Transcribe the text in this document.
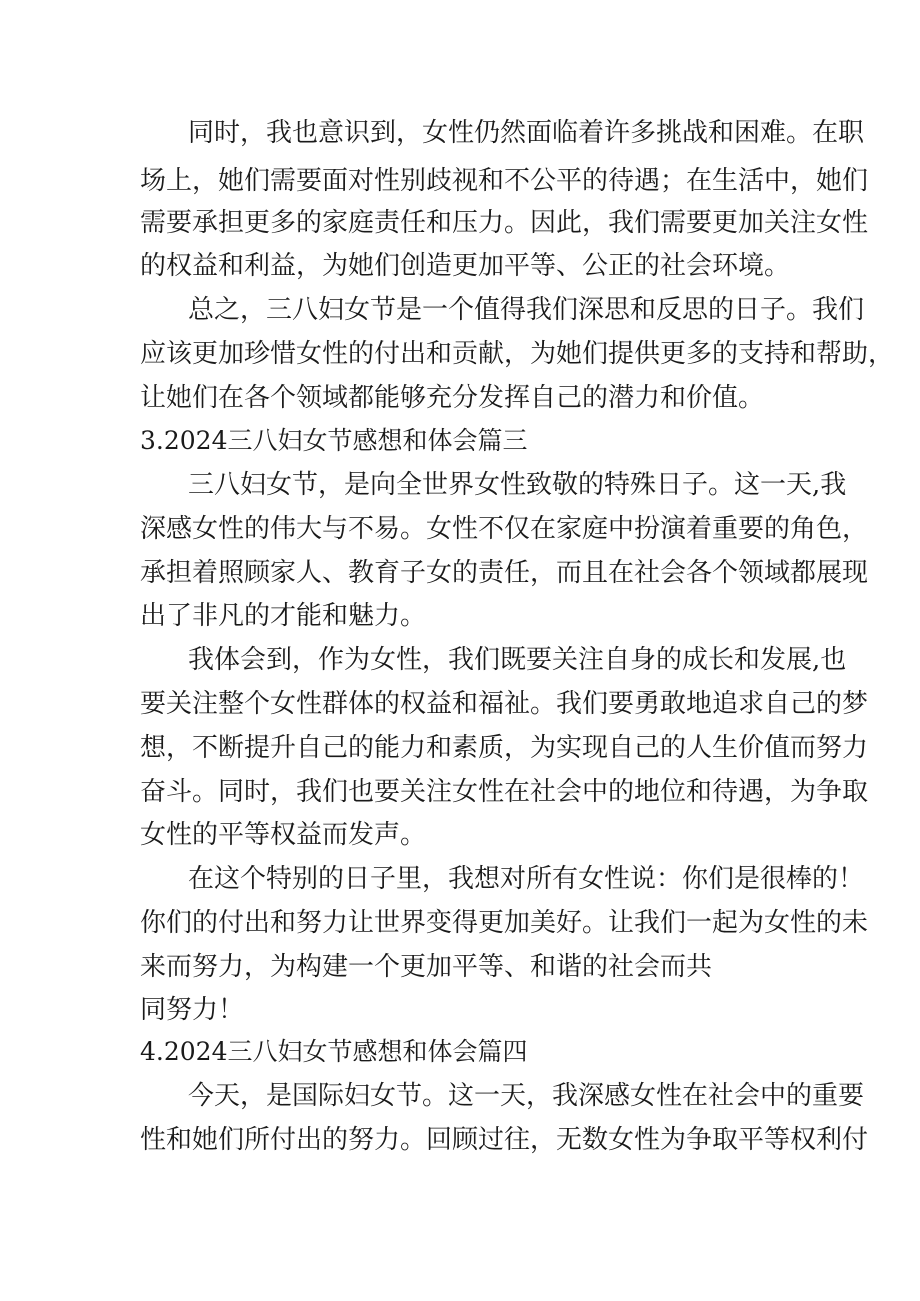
同时，我也意识到，女性仍然面临着许多挑战和困难。在职
场上，她们需要面对性别歧视和不公平的待遇；在生活中，她们
需要承担更多的家庭责任和压力。因此，我们需要更加关注女性
的权益和利益，为她们创造更加平等、公正的社会环境。
总之，三八妇女节是一个值得我们深思和反思的日子。我们
应该更加珍惜女性的付出和贡献，为她们提供更多的支持和帮助，
让她们在各个领域都能够充分发挥自己的潜力和价值。
3.2024三八妇女节感想和体会篇三
三八妇女节，是向全世界女性致敬的特殊日子。这一天,我
深感女性的伟大与不易。女性不仅在家庭中扮演着重要的角色，
承担着照顾家人、教育子女的责任，而且在社会各个领域都展现
出了非凡的才能和魅力。
我体会到，作为女性，我们既要关注自身的成长和发展,也
要关注整个女性群体的权益和福祉。我们要勇敢地追求自己的梦
想，不断提升自己的能力和素质，为实现自己的人生价值而努力
奋斗。同时，我们也要关注女性在社会中的地位和待遇，为争取
女性的平等权益而发声。
在这个特别的日子里，我想对所有女性说：你们是很棒的！
你们的付出和努力让世界变得更加美好。让我们一起为女性的未
来而努力，为构建一个更加平等、和谐的社会而共
同努力！
4.2024三八妇女节感想和体会篇四
今天，是国际妇女节。这一天，我深感女性在社会中的重要
性和她们所付出的努力。回顾过往，无数女性为争取平等权利付
